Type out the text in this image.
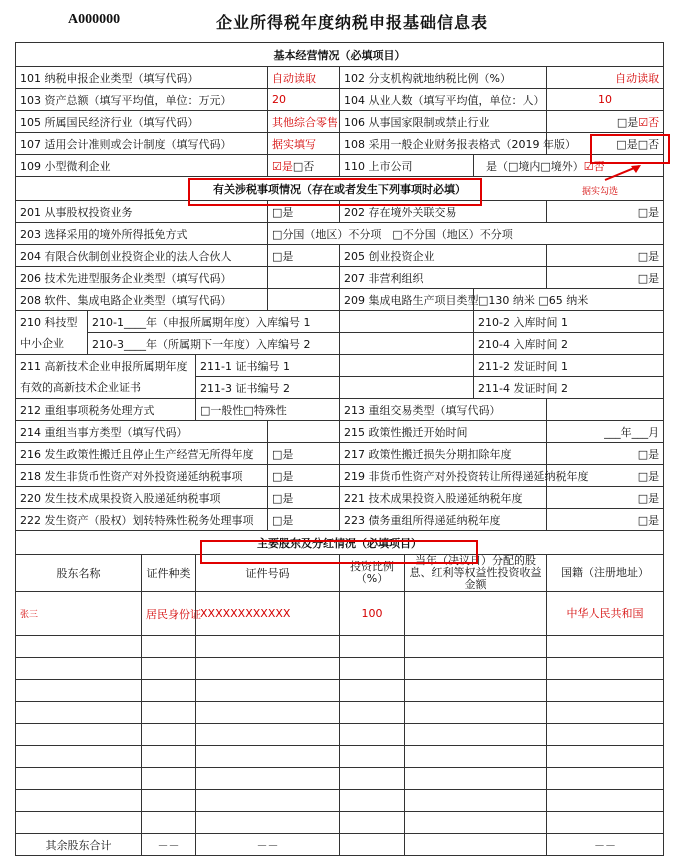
A000000	企业所得税年度纳税申报基础信息表
基本经营情况（必填项目）								
101 纳税申报企业类型（填写代码）				自动读取	102 分支机构就地纳税比例（%）			自动读取
103 资产总额（填写平均值，单位：万元）				20	104 从业人数（填写平均值，单位：人）			10
105 所属国民经济行业（填写代码）				其他综合零售	106 从事国家限制或禁止行业			□是☑否
107 适用会计准则或会计制度（填写代码）				据实填写	108 采用一般企业财务报表格式（2019 年版）			□是□否
109 小型微利企业				☑是□否	110 上市公司		是（□境内□境外）☑否	
有关涉税事项情况（存在或者发生下列事项时必填）								
201 从事股权投资业务				□是	202 存在境外关联交易			□是
203 选择采用的境外所得抵免方式				□分国（地区）不分项　□不分国（地区）不分项				
204 有限合伙制创业投资企业的法人合伙人				□是	205 创业投资企业			□是
206 技术先进型服务企业类型（填写代码）					207 非营利组织			□是
208 软件、集成电路企业类型（填写代码）					209 集成电路生产项目类型		□130 纳米 □65 纳米	
210 科技型	210-1____年（申报所属期年度）入库编号 1						210-2 入库时间 1	
中小企业	210-3____年（所属期下一年度）入库编号 2						210-4 入库时间 2	
211 高新技术企业申报所属期年度			211-1 证书编号 1				211-2 发证时间 1	
有效的高新技术企业证书			211-3 证书编号 2				211-4 发证时间 2	
212 重组事项税务处理方式			□一般性□特殊性		213 重组交易类型（填写代码）			
214 重组当事方类型（填写代码）					215 政策性搬迁开始时间			___年___月
216 发生政策性搬迁且停止生产经营无所得年度				□是	217 政策性搬迁损失分期扣除年度			□是
218 发生非货币性资产对外投资递延纳税事项				□是	219 非货币性资产对外投资转让所得递延纳税年度			□是
220 发生技术成果投资入股递延纳税事项				□是	221 技术成果投资入股递延纳税年度			□是
222 发生资产（股权）划转特殊性税务处理事项				□是	223 债务重组所得递延纳税年度			□是
主要股东及分红情况（必填项目）								
股东名称		证件种类	证件号码		投资比例（%）	当年（决议日）分配的股息、红利等权益性投资收益金额		国籍（注册地址）
张三		居民身份证	XXXXXXXXXXXX		100			中华人民共和国

其余股东合计		－－	－－					－－
据实勾选
